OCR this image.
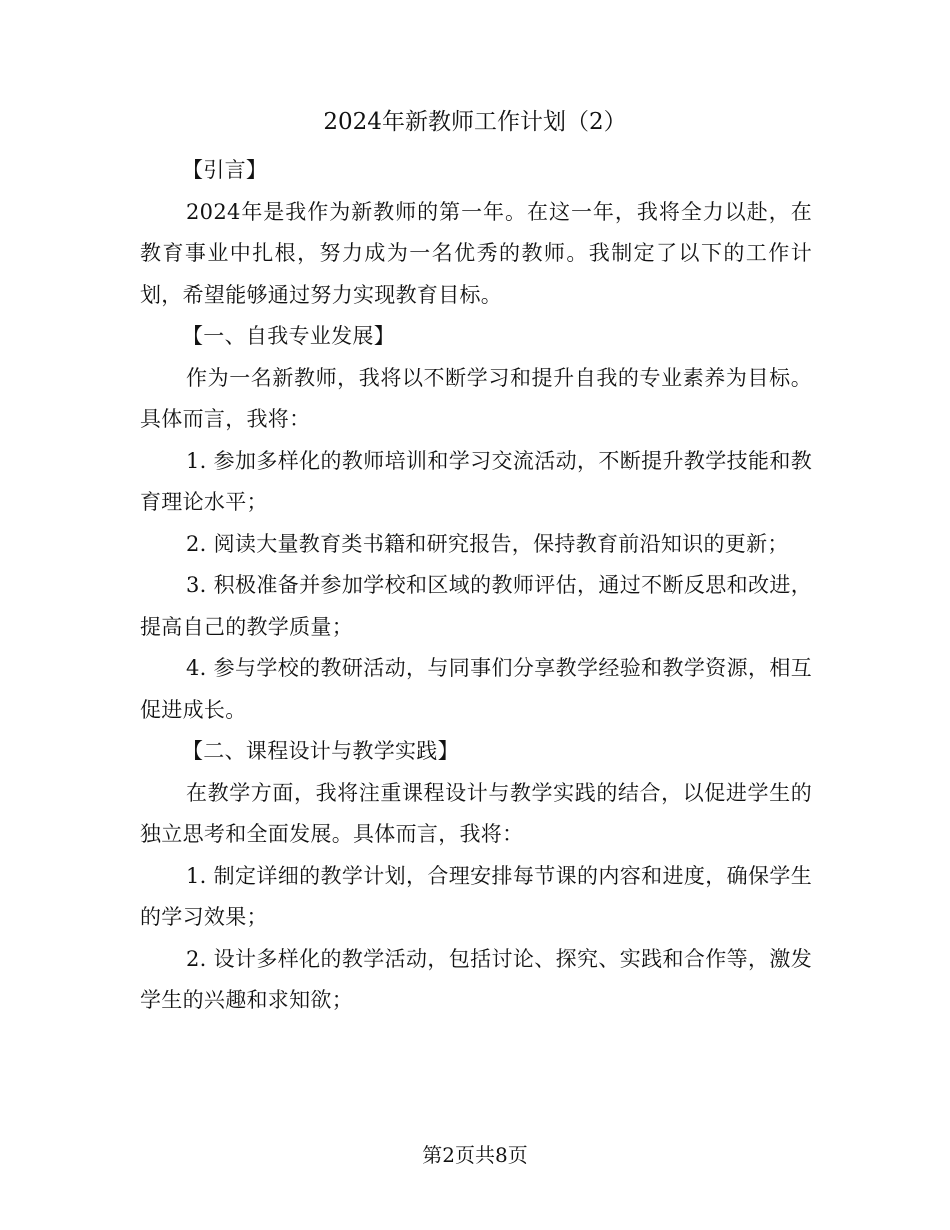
2024年新教师工作计划（2）

【引言】

2024年是我作为新教师的第一年。在这一年，我将全力以赴，在教育事业中扎根，努力成为一名优秀的教师。我制定了以下的工作计划，希望能够通过努力实现教育目标。

【一、自我专业发展】

作为一名新教师，我将以不断学习和提升自我的专业素养为目标。具体而言，我将：

1. 参加多样化的教师培训和学习交流活动，不断提升教学技能和教育理论水平；

2. 阅读大量教育类书籍和研究报告，保持教育前沿知识的更新；

3. 积极准备并参加学校和区域的教师评估，通过不断反思和改进，提高自己的教学质量；

4. 参与学校的教研活动，与同事们分享教学经验和教学资源，相互促进成长。

【二、课程设计与教学实践】

在教学方面，我将注重课程设计与教学实践的结合，以促进学生的独立思考和全面发展。具体而言，我将：

1. 制定详细的教学计划，合理安排每节课的内容和进度，确保学生的学习效果；

2. 设计多样化的教学活动，包括讨论、探究、实践和合作等，激发学生的兴趣和求知欲；

第2页共8页
